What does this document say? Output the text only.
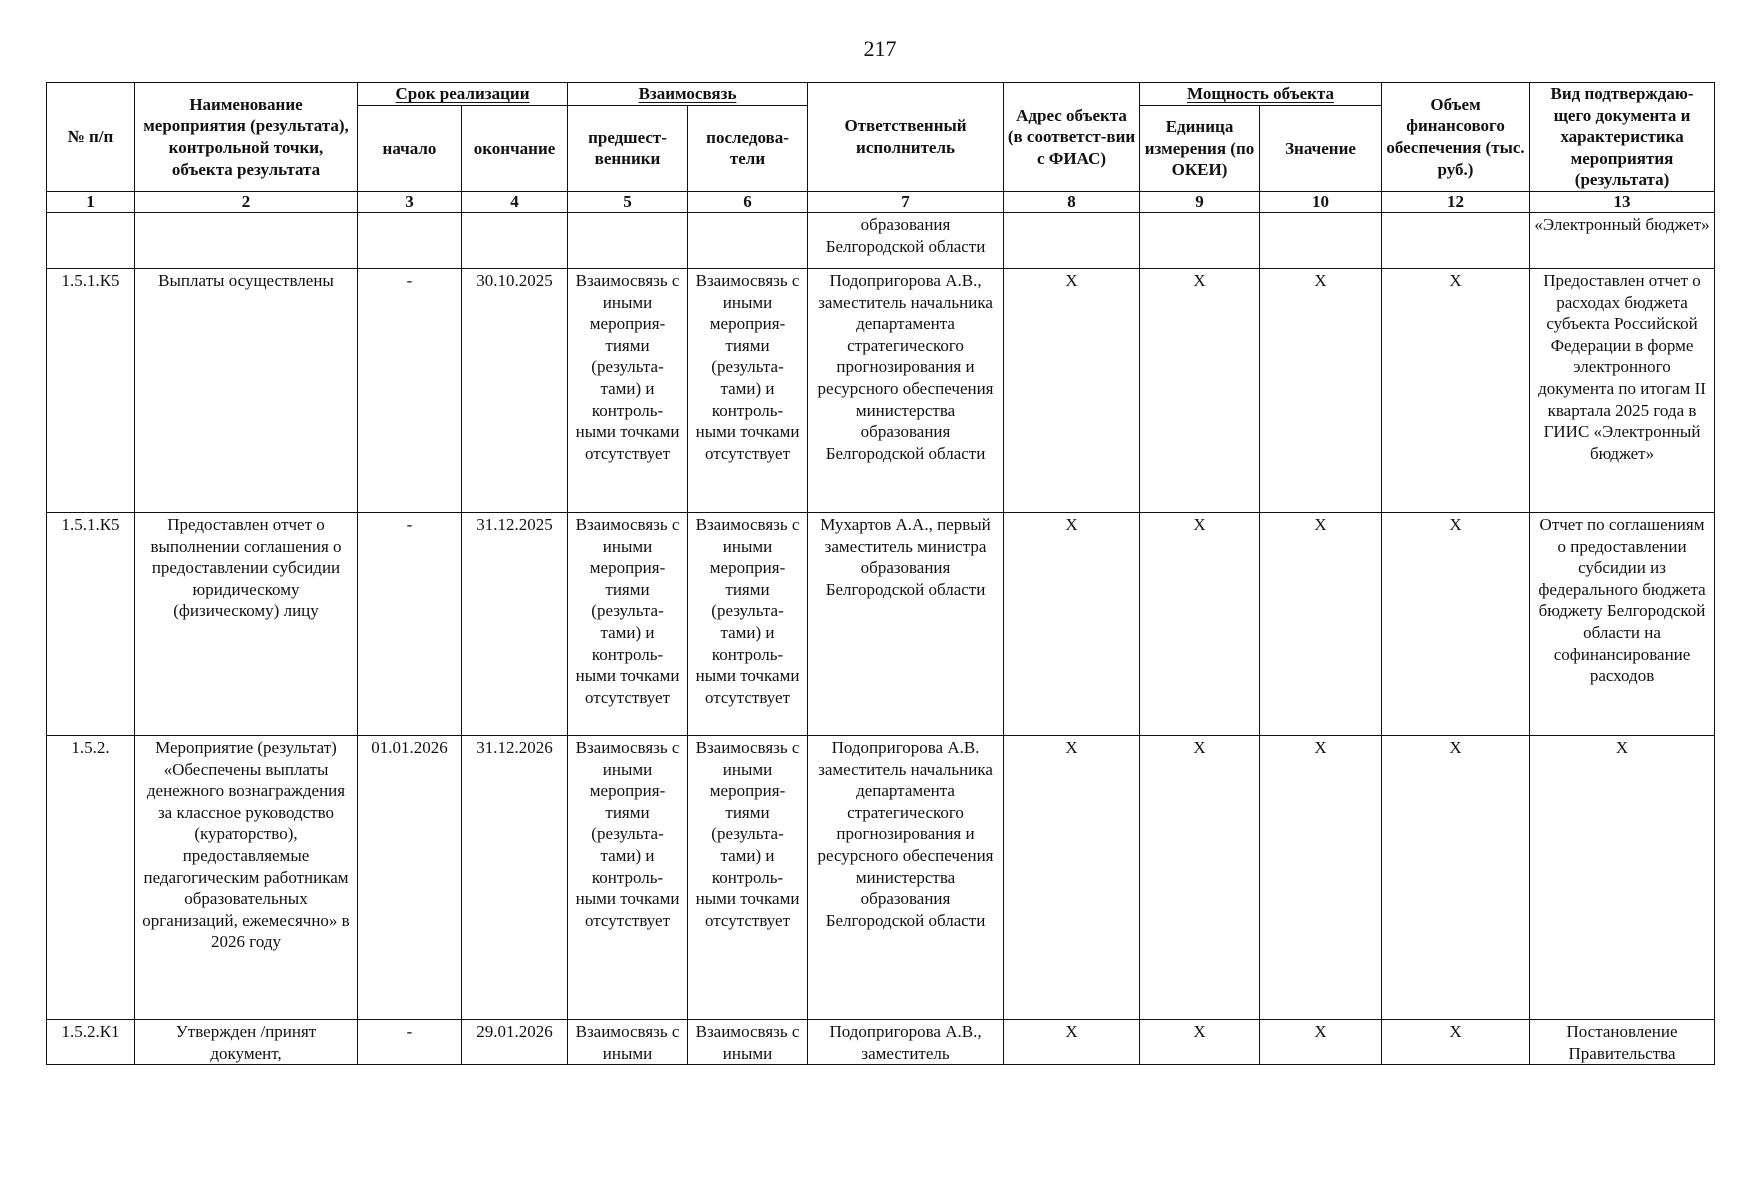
217
№ п/п	Наименование мероприятия (результата), контрольной точки, объекта результата	Срок реализации		Взаимосвязь		Ответственный исполнитель	Адрес объекта (в соответст-вии с ФИАС)	Мощность объекта		Объем финансового обеспечения (тыс. руб.)	Вид подтверждаю-щего документа и характеристика мероприятия (результата)
		начало	окончание	предшест-венники	последова-тели			Единица измерения (по ОКЕИ)	Значение		
1	2	3	4	5	6	7	8	9	10	12	13
						образования Белгородской области					«Электронный бюджет»
1.5.1.К5	Выплаты осуществлены	-	30.10.2025	Взаимосвязь с иными мероприя-тиями (результа-тами) и контроль-ными точками отсутствует	Взаимосвязь с иными мероприя-тиями (результа-тами) и контроль-ными точками отсутствует	Подопригорова А.В., заместитель начальника департамента стратегического прогнозирования и ресурсного обеспечения министерства образования Белгородской области	X	X	X	X	Предоставлен отчет о расходах бюджета субъекта Российской Федерации в форме электронного документа по итогам II квартала 2025 года в ГИИС «Электронный бюджет»
1.5.1.К5	Предоставлен отчет о выполнении соглашения о предоставлении субсидии юридическому (физическому) лицу	-	31.12.2025	Взаимосвязь с иными мероприя-тиями (результа-тами) и контроль-ными точками отсутствует	Взаимосвязь с иными мероприя-тиями (результа-тами) и контроль-ными точками отсутствует	Мухартов А.А., первый заместитель министра образования Белгородской области	X	X	X	X	Отчет по соглашениям о предоставлении субсидии из федерального бюджета бюджету Белгородской области на софинансирование расходов
1.5.2.	Мероприятие (результат) «Обеспечены выплаты денежного вознаграждения за классное руководство (кураторство), предоставляемые педагогическим работникам образовательных организаций, ежемесячно» в 2026 году	01.01.2026	31.12.2026	Взаимосвязь с иными мероприя-тиями (результа-тами) и контроль-ными точками отсутствует	Взаимосвязь с иными мероприя-тиями (результа-тами) и контроль-ными точками отсутствует	Подопригорова А.В. заместитель начальника департамента стратегического прогнозирования и ресурсного обеспечения министерства образования Белгородской области	X	X	X	X	X
1.5.2.К1	Утвержден /принят документ,	-	29.01.2026	Взаимосвязь с иными	Взаимосвязь с иными	Подопригорова А.В., заместитель	X	X	X	X	Постановление Правительства
